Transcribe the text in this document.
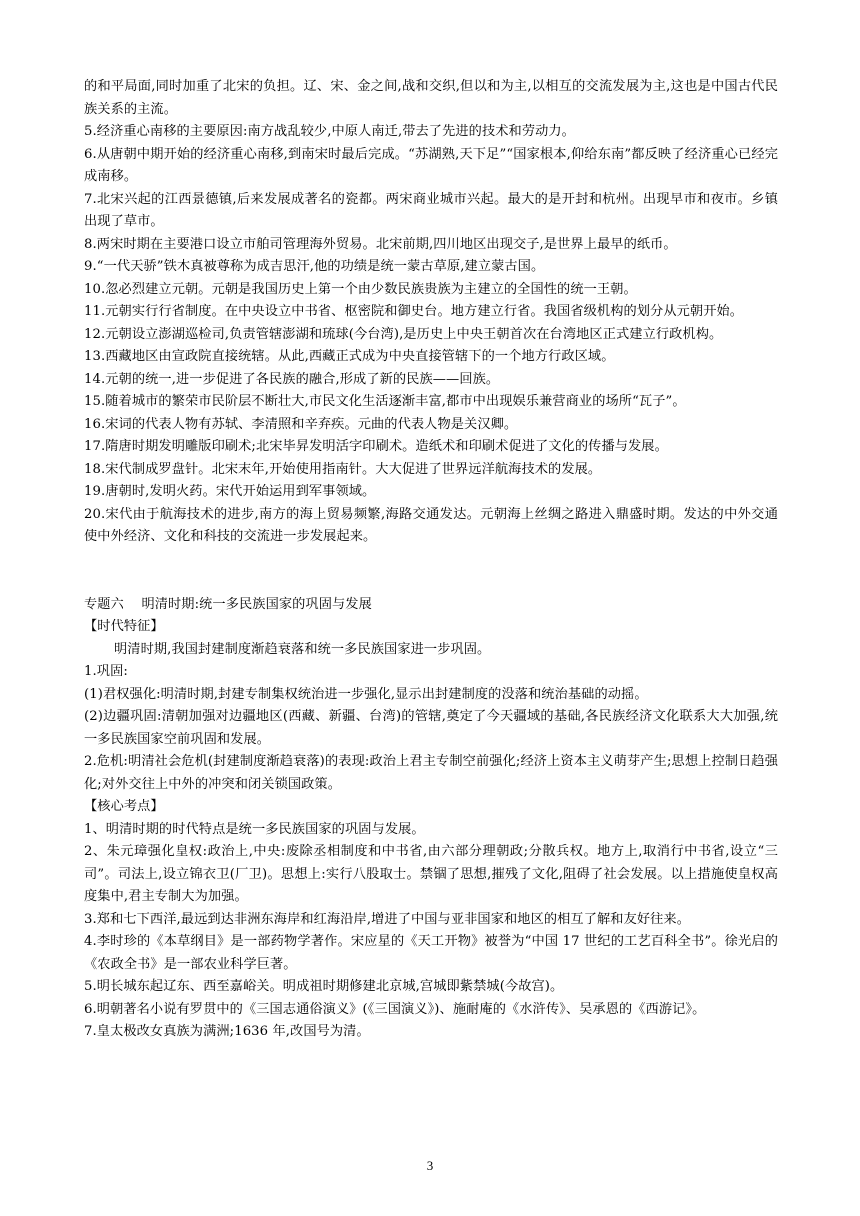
的和平局面,同时加重了北宋的负担。辽、宋、金之间,战和交织,但以和为主,以相互的交流发展为主,这也是中国古代民族关系的主流。

5.经济重心南移的主要原因:南方战乱较少,中原人南迁,带去了先进的技术和劳动力。

6.从唐朝中期开始的经济重心南移,到南宋时最后完成。“苏湖熟,天下足”“国家根本,仰给东南”都反映了经济重心已经完成南移。

7.北宋兴起的江西景德镇,后来发展成著名的瓷都。两宋商业城市兴起。最大的是开封和杭州。出现早市和夜市。乡镇出现了草市。

8.两宋时期在主要港口设立市舶司管理海外贸易。北宋前期,四川地区出现交子,是世界上最早的纸币。

9.“一代天骄”铁木真被尊称为成吉思汗,他的功绩是统一蒙古草原,建立蒙古国。

10.忽必烈建立元朝。元朝是我国历史上第一个由少数民族贵族为主建立的全国性的统一王朝。

11.元朝实行行省制度。在中央设立中书省、枢密院和御史台。地方建立行省。我国省级机构的划分从元朝开始。

12.元朝设立澎湖巡检司,负责管辖澎湖和琉球(今台湾),是历史上中央王朝首次在台湾地区正式建立行政机构。

13.西藏地区由宣政院直接统辖。从此,西藏正式成为中央直接管辖下的一个地方行政区域。

14.元朝的统一,进一步促进了各民族的融合,形成了新的民族——回族。

15.随着城市的繁荣市民阶层不断壮大,市民文化生活逐渐丰富,都市中出现娱乐兼营商业的场所“瓦子”。

16.宋词的代表人物有苏轼、李清照和辛弃疾。元曲的代表人物是关汉卿。

17.隋唐时期发明雕版印刷术;北宋毕昇发明活字印刷术。造纸术和印刷术促进了文化的传播与发展。

18.宋代制成罗盘针。北宋末年,开始使用指南针。大大促进了世界远洋航海技术的发展。

19.唐朝时,发明火药。宋代开始运用到军事领域。

20.宋代由于航海技术的进步,南方的海上贸易频繁,海路交通发达。元朝海上丝绸之路进入鼎盛时期。发达的中外交通使中外经济、文化和科技的交流进一步发展起来。

专题六　 明清时期:统一多民族国家的巩固与发展

【时代特征】

明清时期,我国封建制度渐趋衰落和统一多民族国家进一步巩固。

1.巩固:

(1)君权强化:明清时期,封建专制集权统治进一步强化,显示出封建制度的没落和统治基础的动摇。

(2)边疆巩固:清朝加强对边疆地区(西藏、新疆、台湾)的管辖,奠定了今天疆域的基础,各民族经济文化联系大大加强,统一多民族国家空前巩固和发展。

2.危机:明清社会危机(封建制度渐趋衰落)的表现:政治上君主专制空前强化;经济上资本主义萌芽产生;思想上控制日趋强化;对外交往上中外的冲突和闭关锁国政策。

【核心考点】

1、明清时期的时代特点是统一多民族国家的巩固与发展。

2、朱元璋强化皇权:政治上,中央:废除丞相制度和中书省,由六部分理朝政;分散兵权。地方上,取消行中书省,设立“三司”。司法上,设立锦衣卫(厂卫)。思想上:实行八股取士。禁锢了思想,摧残了文化,阻碍了社会发展。以上措施使皇权高度集中,君主专制大为加强。

3.郑和七下西洋,最远到达非洲东海岸和红海沿岸,增进了中国与亚非国家和地区的相互了解和友好往来。

4.李时珍的《本草纲目》是一部药物学著作。宋应星的《天工开物》被誉为“中国 17 世纪的工艺百科全书”。徐光启的《农政全书》是一部农业科学巨著。

5.明长城东起辽东、西至嘉峪关。明成祖时期修建北京城,宫城即紫禁城(今故宫)。

6.明朝著名小说有罗贯中的《三国志通俗演义》(《三国演义》)、施耐庵的《水浒传》、吴承恩的《西游记》。

7.皇太极改女真族为满洲;1636 年,改国号为清。

3
